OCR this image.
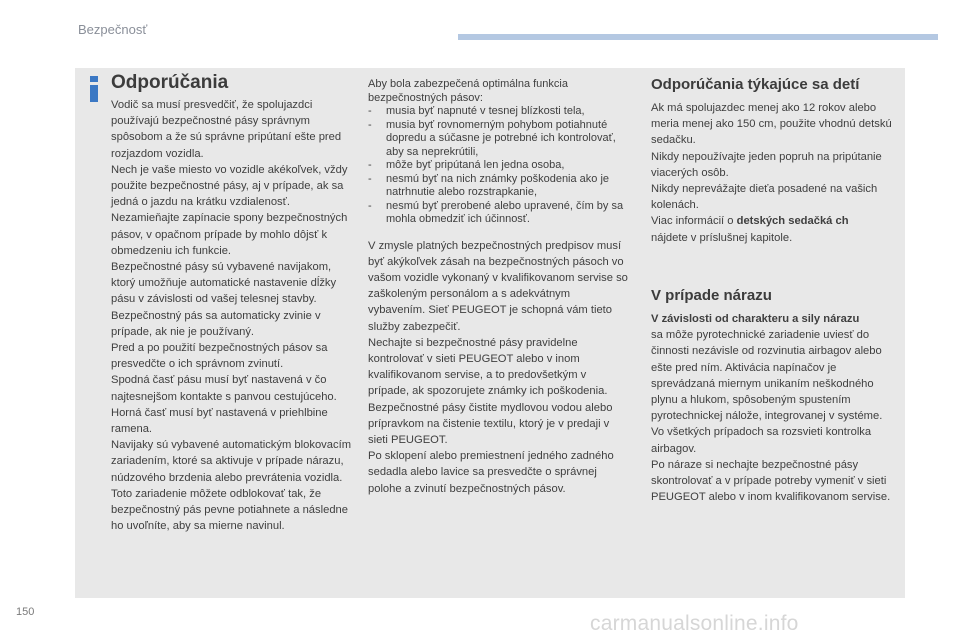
Bezpečnosť
Odporúčania
Vodič sa musí presvedčiť, že spolujazdci používajú bezpečnostné pásy správnym spôsobom a že sú správne pripútaní ešte pred rozjazdom vozidla.
Nech je vaše miesto vo vozidle akékoľvek, vždy použite bezpečnostné pásy, aj v prípade, ak sa jedná o jazdu na krátku vzdialenosť.
Nezamieňajte zapínacie spony bezpečnostných pásov, v opačnom prípade by mohlo dôjsť k obmedzeniu ich funkcie.
Bezpečnostné pásy sú vybavené navijakom, ktorý umožňuje automatické nastavenie dĺžky pásu v závislosti od vašej telesnej stavby. Bezpečnostný pás sa automaticky zvinie v prípade, ak nie je používaný.
Pred a po použití bezpečnostných pásov sa presvedčte o ich správnom zvinutí.
Spodná časť pásu musí byť nastavená v čo najtesnejšom kontakte s panvou cestujúceho.
Horná časť musí byť nastavená v priehlbine ramena.
Navijaky sú vybavené automatickým blokovacím zariadením, ktoré sa aktivuje v prípade nárazu, núdzového brzdenia alebo prevrátenia vozidla. Toto zariadenie môžete odblokovať tak, že bezpečnostný pás pevne potiahnete a následne ho uvoľníte, aby sa mierne navinul.
Aby bola zabezpečená optimálna funkcia bezpečnostných pásov:
- musia byť napnuté v tesnej blízkosti tela,
- musia byť rovnomerným pohybom potiahnuté dopredu a súčasne je potrebné ich kontrolovať, aby sa neprekrútili,
- môže byť pripútaná len jedna osoba,
- nesmú byť na nich známky poškodenia ako je natrhnutie alebo rozstrapkanie,
- nesmú byť prerobené alebo upravené, čím by sa mohla obmedziť ich účinnosť.
V zmysle platných bezpečnostných predpisov musí byť akýkoľvek zásah na bezpečnostných pásoch vo vašom vozidle vykonaný v kvalifikovanom servise so zaškoleným personálom a s adekvátnym vybavením. Sieť PEUGEOT je schopná vám tieto služby zabezpečiť.
Nechajte si bezpečnostné pásy pravidelne kontrolovať v sieti PEUGEOT alebo v inom kvalifikovanom servise, a to predovšetkým v prípade, ak spozorujete známky ich poškodenia.
Bezpečnostné pásy čistite mydlovou vodou alebo prípravkom na čistenie textilu, ktorý je v predaji v sieti PEUGEOT.
Po sklopení alebo premiestnení jedného zadného sedadla alebo lavice sa presvedčte o správnej polohe a zvinutí bezpečnostných pásov.
Odporúčania týkajúce sa detí
Ak má spolujazdec menej ako 12 rokov alebo meria menej ako 150 cm, použite vhodnú detskú sedačku.
Nikdy nepoužívajte jeden popruh na pripútanie viacerých osôb.
Nikdy neprevážajte dieťa posadené na vašich kolenách.
Viac informácií o detských sedačká ch
nájdete v príslušnej kapitole.
V prípade nárazu
V závislosti od charakteru a sily nárazu
sa môže pyrotechnické zariadenie uviesť do činnosti nezávisle od rozvinutia airbagov alebo ešte pred ním. Aktivácia napínačov je sprevádzaná miernym unikaním neškodného plynu a hlukom, spôsobeným spustením pyrotechnickej nálože, integrovanej v systéme.
Vo všetkých prípadoch sa rozsvieti kontrolka airbagov.
Po náraze si nechajte bezpečnostné pásy skontrolovať a v prípade potreby vymeniť v sieti PEUGEOT alebo v inom kvalifikovanom servise.
150	carmanualsonline.info
